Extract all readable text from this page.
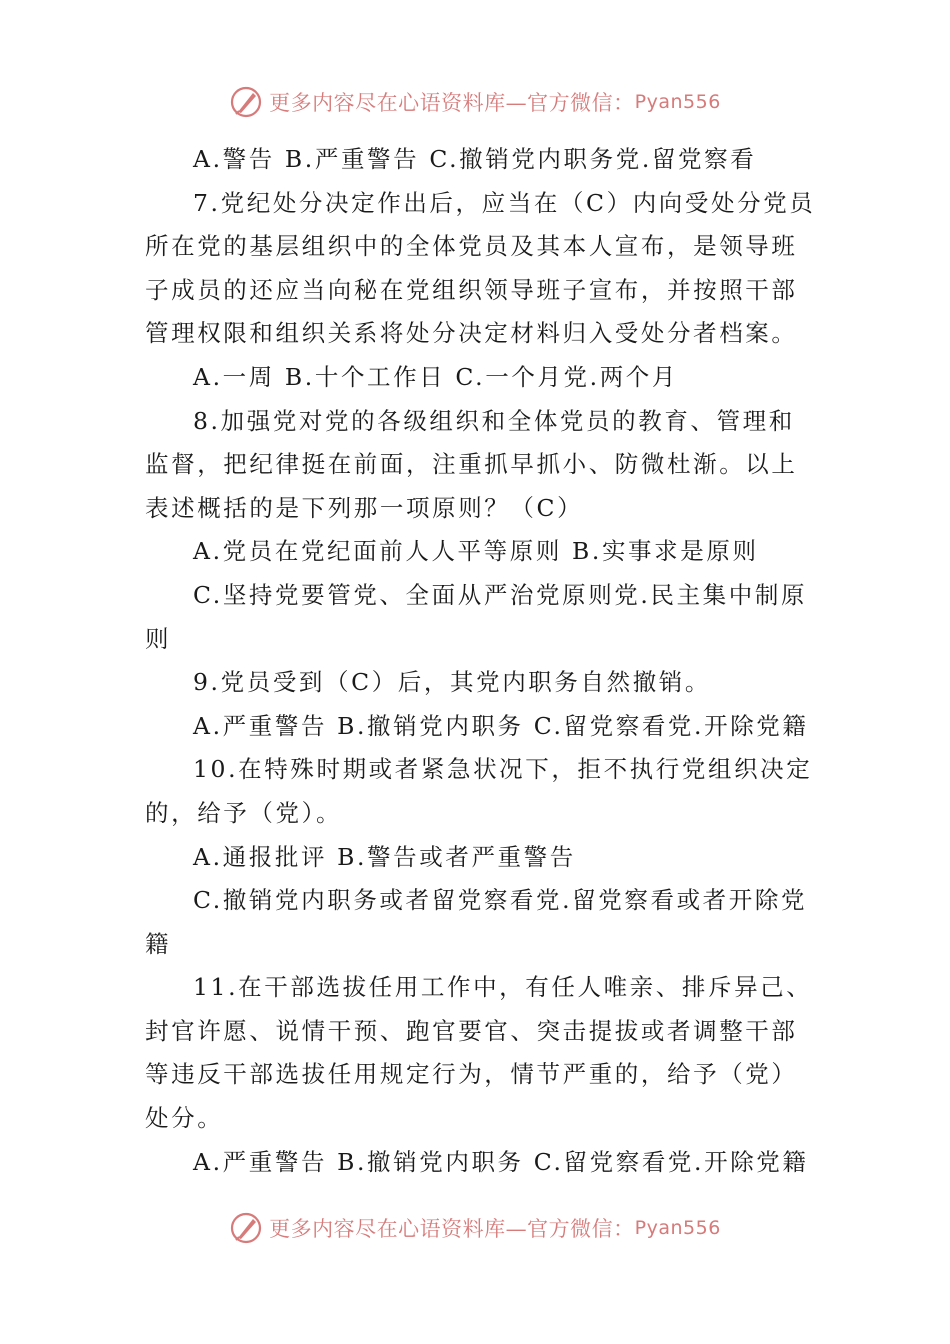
更多内容尽在心语资料库—官方微信： Pyan556
A.警告 B.严重警告 C.撤销党内职务党.留党察看
7.党纪处分决定作出后，应当在（C）内向受处分党员
所在党的基层组织中的全体党员及其本人宣布，是领导班
子成员的还应当向秘在党组织领导班子宣布，并按照干部
管理权限和组织关系将处分决定材料归入受处分者档案。
A.一周 B.十个工作日 C.一个月党.两个月
8.加强党对党的各级组织和全体党员的教育、管理和
监督，把纪律挺在前面，注重抓早抓小、防微杜渐。以上
表述概括的是下列那一项原则？（C）
A.党员在党纪面前人人平等原则 B.实事求是原则
C.坚持党要管党、全面从严治党原则党.民主集中制原
则
9.党员受到（C）后，其党内职务自然撤销。
A.严重警告 B.撤销党内职务 C.留党察看党.开除党籍
10.在特殊时期或者紧急状况下，拒不执行党组织决定
的，给予（党）。
A.通报批评 B.警告或者严重警告
C.撤销党内职务或者留党察看党.留党察看或者开除党
籍
11.在干部选拔任用工作中，有任人唯亲、排斥异己、
封官许愿、说情干预、跑官要官、突击提拔或者调整干部
等违反干部选拔任用规定行为，情节严重的，给予（党）
处分。
A.严重警告 B.撤销党内职务 C.留党察看党.开除党籍
更多内容尽在心语资料库—官方微信： Pyan556
